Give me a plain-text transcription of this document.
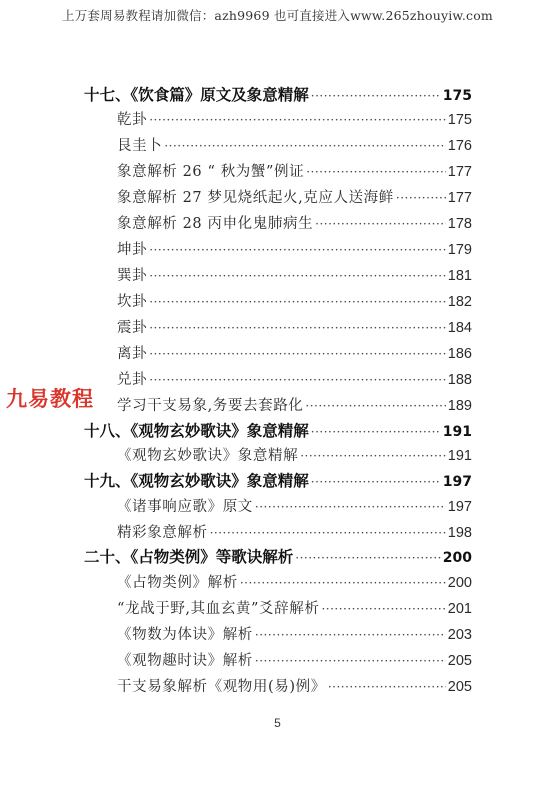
上万套周易教程请加微信：azh9969 也可直接进入www.265zhouyiw.com
十七、《饮食篇》原文及象意精解 ·····	175
乾卦 ·····	175
艮圭卜 ·····	176
象意解析 26 “ 秋为蟹”例证 ·····	177
象意解析 27 梦见烧纸起火,克应人送海鲜 ·····	177
象意解析 28 丙申化鬼肺病生 ·····	178
坤卦 ·····	179
巽卦 ·····	181
坎卦 ·····	182
震卦 ·····	184
离卦 ·····	186
兑卦 ·····	188
学习干支易象,务要去套路化 ·····	189
十八、《观物玄妙歌诀》象意精解 ·····	191
《观物玄妙歌诀》象意精解 ·····	191
十九、《观物玄妙歌诀》象意精解 ·····	197
《诸事响应歌》原文 ·····	197
精彩象意解析 ·····	198
二十、《占物类例》等歌诀解析 ·····	200
《占物类例》解析 ·····	200
“龙战于野,其血玄黄”爻辞解析 ·····	201
《物数为体诀》解析 ·····	203
《观物趣时诀》解析 ·····	205
干支易象解析《观物用(易)例》 ·····	205
九易教程
5
